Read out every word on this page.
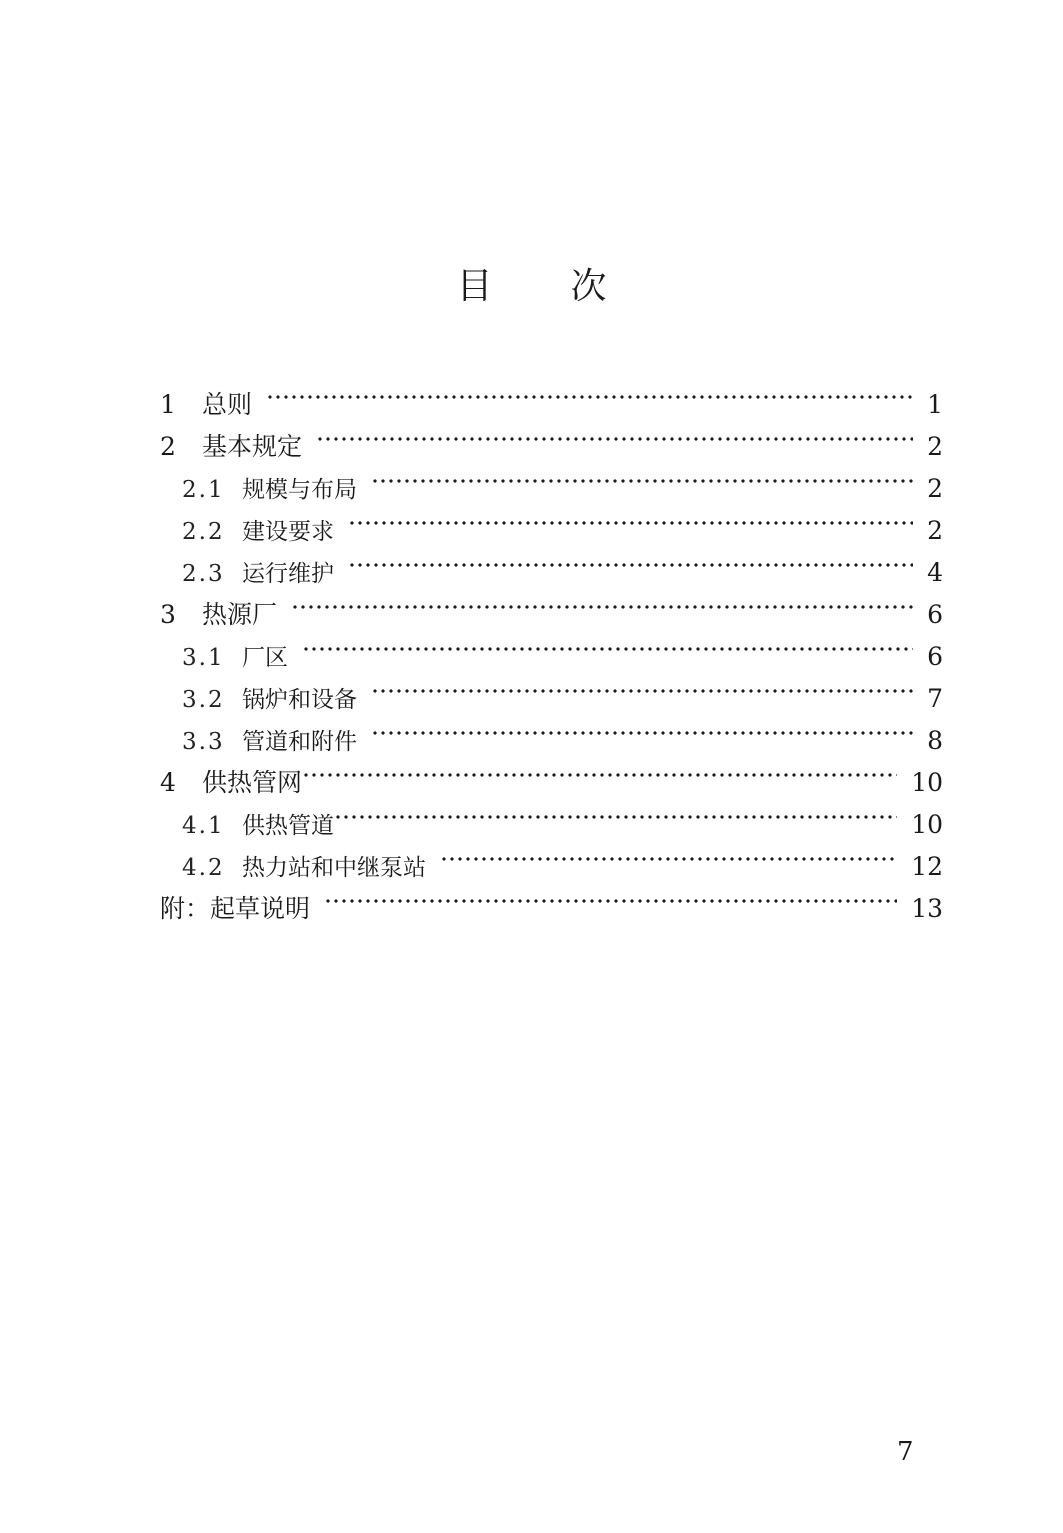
目 次
1	总则	1
2	基本规定	2
2.1 规模与布局	2
2.2 建设要求	2
2.3 运行维护	4
3	热源厂	6
3.1 厂区	6
3.2 锅炉和设备	7
3.3 管道和附件	8
4	供热管网	10
4.1 供热管道	10
4.2 热力站和中继泵站	12
附：起草说明	13
7
